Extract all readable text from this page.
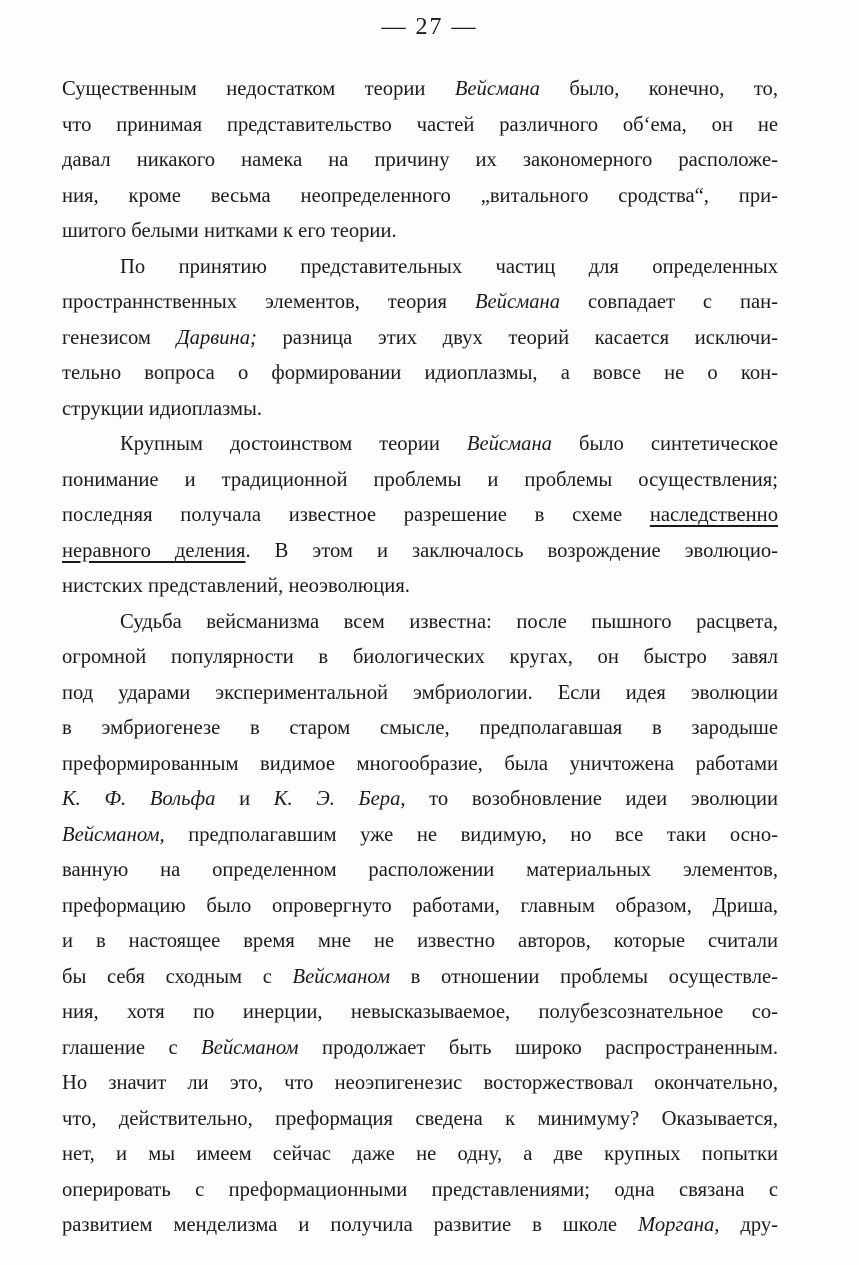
— 27 —
Существенным недостатком теории Вейсмана было, конечно, то,
что принимая представительство частей различного об‘ема, он не
давал никакого намека на причину их закономерного расположе-
ния, кроме весьма неопределенного „витального сродства“, при-
шитого белыми нитками к его теории.
По принятию представительных частиц для определенных
пространнственных элементов, теория Вейсмана совпадает с пан-
генезисом Дарвина; разница этих двух теорий касается исключи-
тельно вопроса о формировании идиоплазмы, а вовсе не о кон-
струкции идиоплазмы.
Крупным достоинством теории Вейсмана было синтетическое
понимание и традиционной проблемы и проблемы осуществления;
последняя получала известное разрешение в схеме наследственно
неравного деления. В этом и заключалось возрождение эволюцио-
нистских представлений, неоэволюция.
Судьба вейсманизма всем известна: после пышного расцвета,
огромной популярности в биологических кругах, он быстро завял
под ударами экспериментальной эмбриологии. Если идея эволюции
в эмбриогенезе в старом смысле, предполагавшая в зародыше
преформированным видимое многообразие, была уничтожена работами
К. Ф. Вольфа и К. Э. Бера, то возобновление идеи эволюции
Вейсманом, предполагавшим уже не видимую, но все таки осно-
ванную на определенном расположении материальных элементов,
преформацию было опровергнуто работами, главным образом, Дриша,
и в настоящее время мне не известно авторов, которые считали
бы себя сходным с Вейсманом в отношении проблемы осуществле-
ния, хотя по инерции, невысказываемое, полубезсознательное со-
глашение с Вейсманом продолжает быть широко распространенным.
Но значит ли это, что неоэпигенезис восторжествовал окончательно,
что, действительно, преформация сведена к минимуму? Оказывается,
нет, и мы имеем сейчас даже не одну, а две крупных попытки
оперировать с преформационными представлениями; одна связана с
развитием менделизма и получила развитие в школе Моргана, дру-
